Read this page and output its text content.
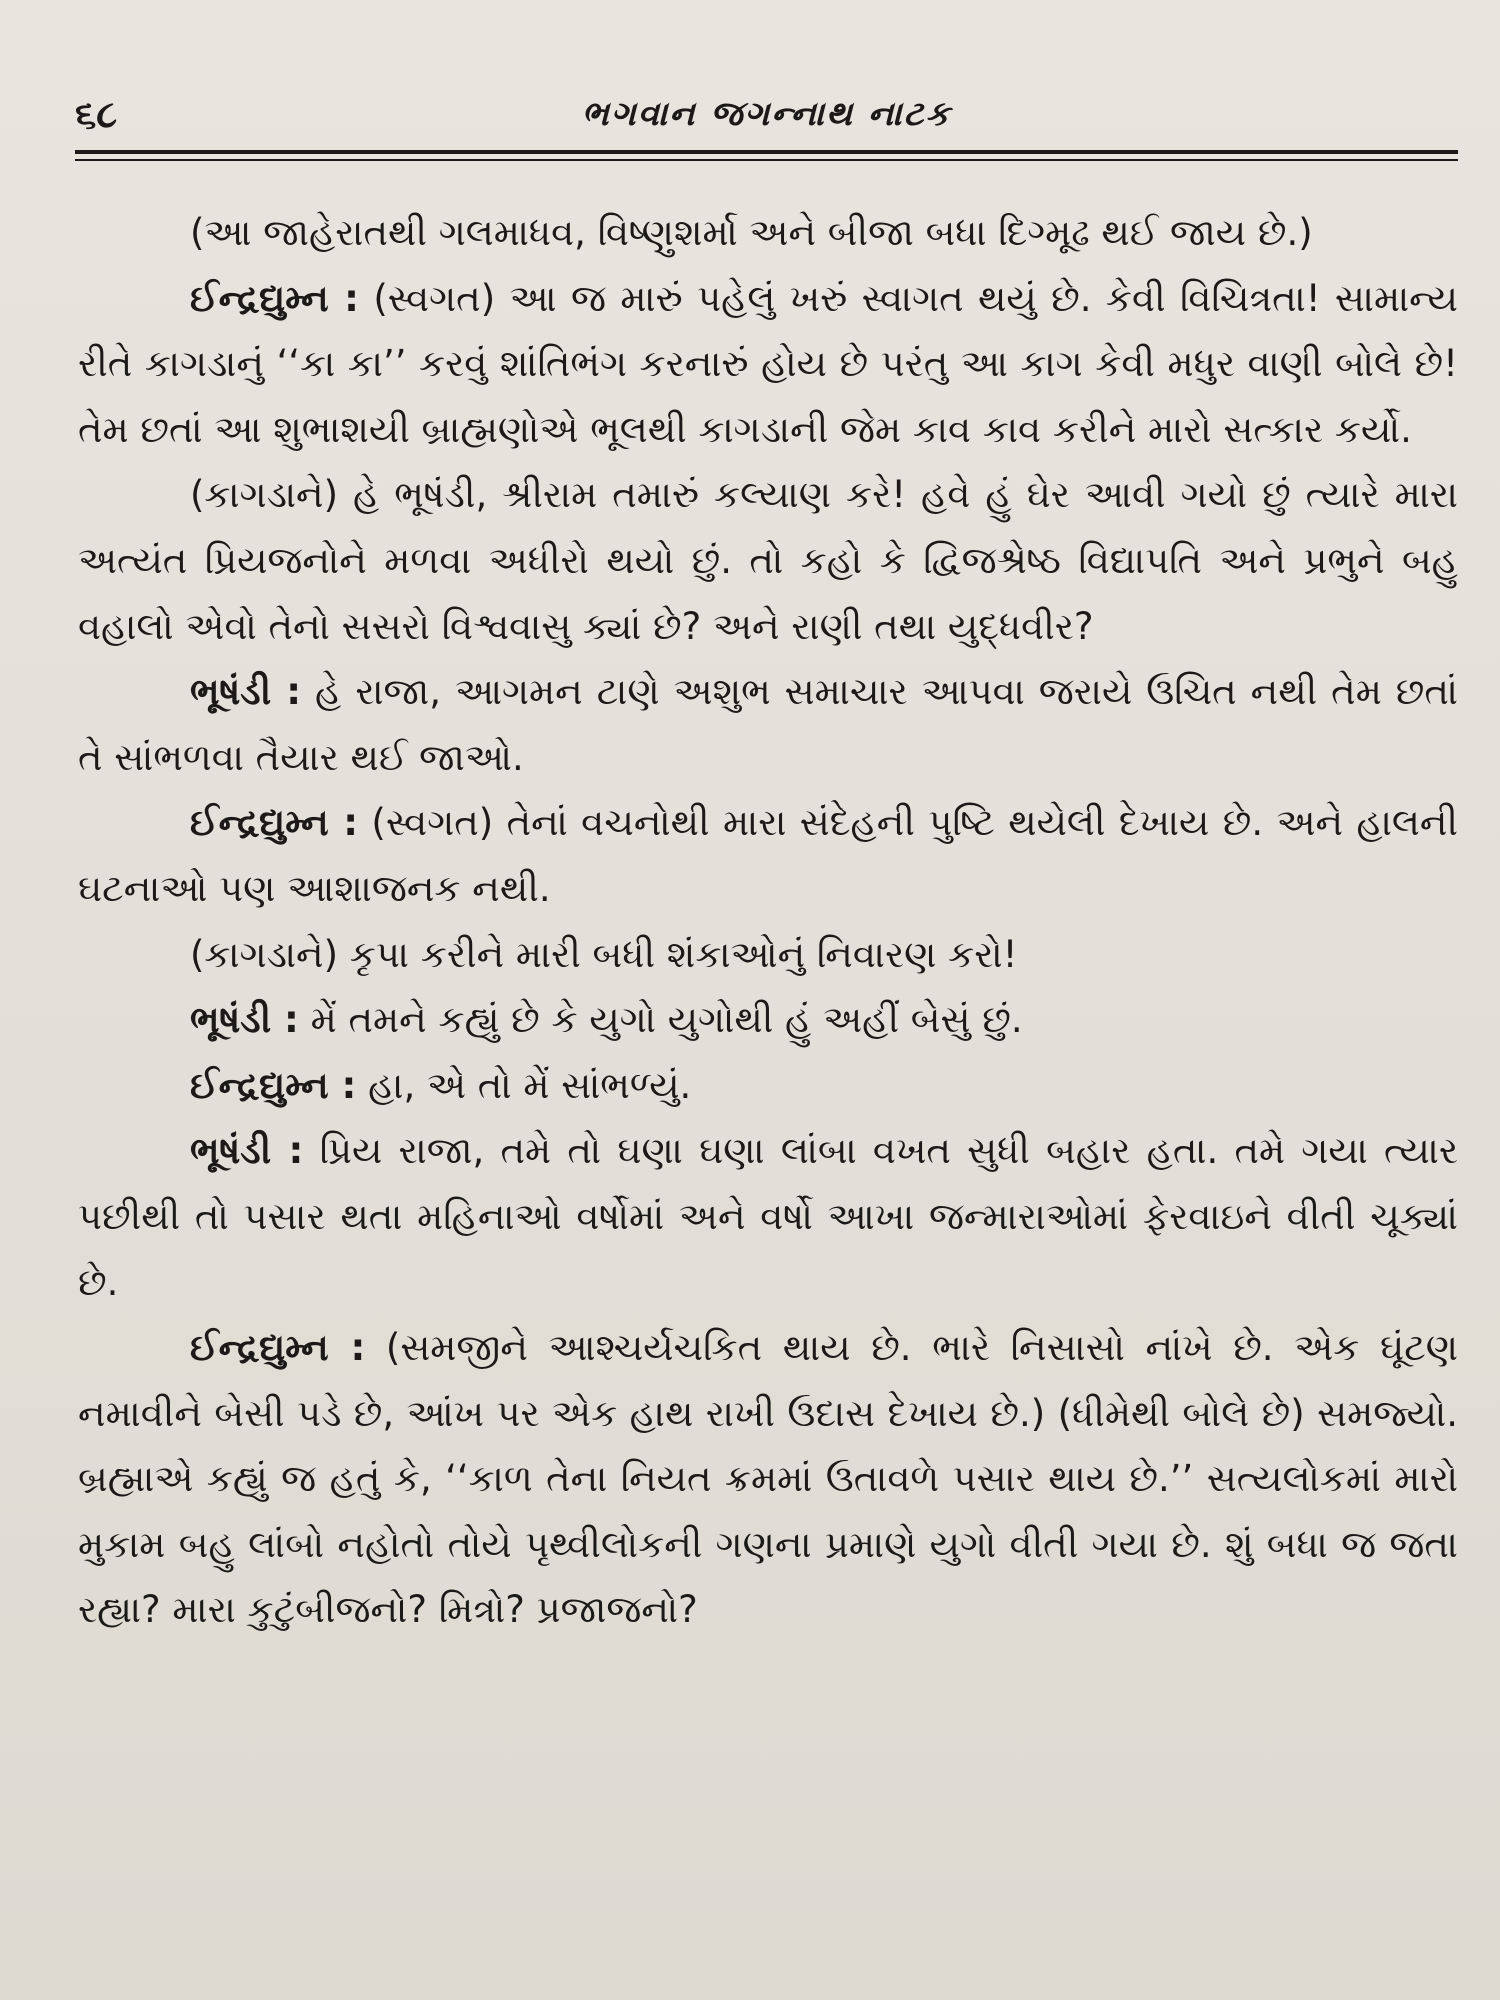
૬૮	ભગવાન જગન્નાથ નાટક

(આ જાહેરાતથી ગલમાધવ, વિષ્ણુશર્મા અને બીજા બધા દિગ્મૂઢ થઈ જાય છે.)

ઈન્દ્રદ્યુમ્ન : (સ્વગત) આ જ મારું પહેલું ખરું સ્વાગત થયું છે. કેવી વિચિત્રતા! સામાન્ય રીતે કાગડાનું ‘‘કા કા’’ કરવું શાંતિભંગ કરનારું હોય છે પરંતુ આ કાગ કેવી મધુર વાણી બોલે છે! તેમ છતાં આ શુભાશયી બ્રાહ્મણોએ ભૂલથી કાગડાની જેમ કાવ કાવ કરીને મારો સત્કાર કર્યો.

(કાગડાને) હે ભૂષંડી, શ્રીરામ તમારું કલ્યાણ કરે! હવે હું ઘેર આવી ગયો છું ત્યારે મારા અત્યંત પ્રિયજનોને મળવા અધીરો થયો છું. તો કહો કે દ્વિજશ્રેષ્ઠ વિદ્યાપતિ અને પ્રભુને બહુ વહાલો એવો તેનો સસરો વિશ્વવાસુ ક્યાં છે? અને રાણી તથા યુદ્ધવીર?

ભૂષંડી : હે રાજા, આગમન ટાણે અશુભ સમાચાર આપવા જરાયે ઉચિત નથી તેમ છતાં તે સાંભળવા તૈયાર થઈ જાઓ.

ઈન્દ્રદ્યુમ્ન : (સ્વગત) તેનાં વચનોથી મારા સંદેહની પુષ્ટિ થયેલી દેખાય છે. અને હાલની ઘટનાઓ પણ આશાજનક નથી.

(કાગડાને) કૃપા કરીને મારી બધી શંકાઓનું નિવારણ કરો!

ભૂષંડી : મેં તમને કહ્યું છે કે યુગો યુગોથી હું અહીં બેસું છું.

ઈન્દ્રદ્યુમ્ન : હા, એ તો મેં સાંભળ્યું.

ભૂષંડી : પ્રિય રાજા, તમે તો ઘણા ઘણા લાંબા વખત સુધી બહાર હતા. તમે ગયા ત્યાર પછીથી તો પસાર થતા મહિનાઓ વર્ષોમાં અને વર્ષો આખા જન્મારાઓમાં ફેરવાઇને વીતી ચૂક્યાં છે.

ઈન્દ્રદ્યુમ્ન : (સમજીને આશ્ચર્યચકિત થાય છે. ભારે નિસાસો નાંખે છે. એક ઘૂંટણ નમાવીને બેસી પડે છે, આંખ પર એક હાથ રાખી ઉદાસ દેખાય છે.) (ધીમેથી બોલે છે) સમજ્યો. બ્રહ્માએ કહ્યું જ હતું કે, ‘‘કાળ તેના નિયત ક્રમમાં ઉતાવળે પસાર થાય છે.’’ સત્યલોકમાં મારો મુકામ બહુ લાંબો નહોતો તોયે પૃથ્વીલોકની ગણના પ્રમાણે યુગો વીતી ગયા છે. શું બધા જ જતા રહ્યા? મારા કુટુંબીજનો? મિત્રો? પ્રજાજનો?
